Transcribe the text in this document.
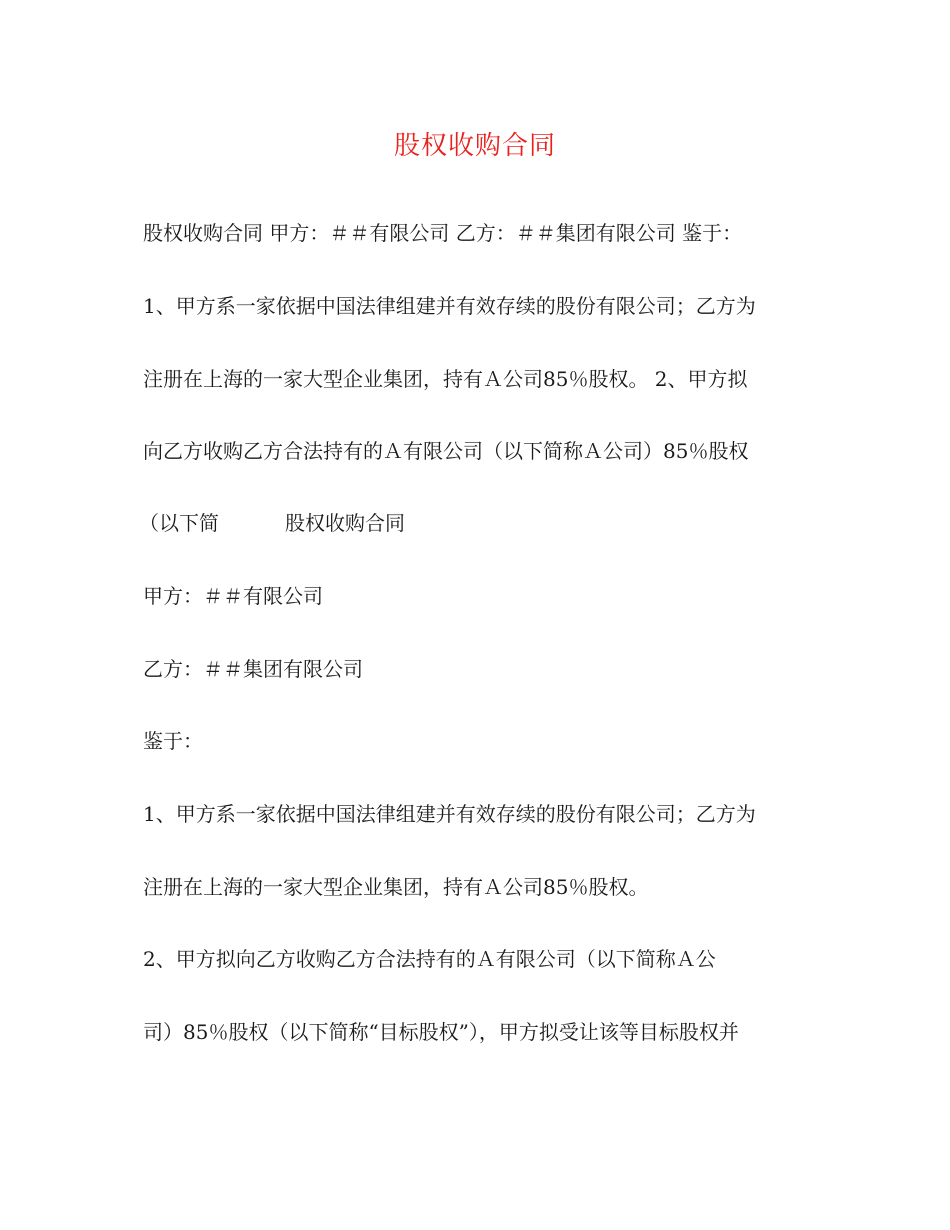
股权收购合同
股权收购合同 甲方：＃＃有限公司 乙方：＃＃集团有限公司 鉴于：
1、甲方系一家依据中国法律组建并有效存续的股份有限公司；乙方为
注册在上海的一家大型企业集团，持有Ａ公司85％股权。 2、甲方拟
向乙方收购乙方合法持有的Ａ有限公司（以下简称Ａ公司）85％股权
（以下简	股权收购合同
甲方：＃＃有限公司
乙方：＃＃集团有限公司
鉴于：
1、甲方系一家依据中国法律组建并有效存续的股份有限公司；乙方为
注册在上海的一家大型企业集团，持有Ａ公司85％股权。
2、甲方拟向乙方收购乙方合法持有的Ａ有限公司（以下简称Ａ公
司）85％股权（以下简称“目标股权”），甲方拟受让该等目标股权并
